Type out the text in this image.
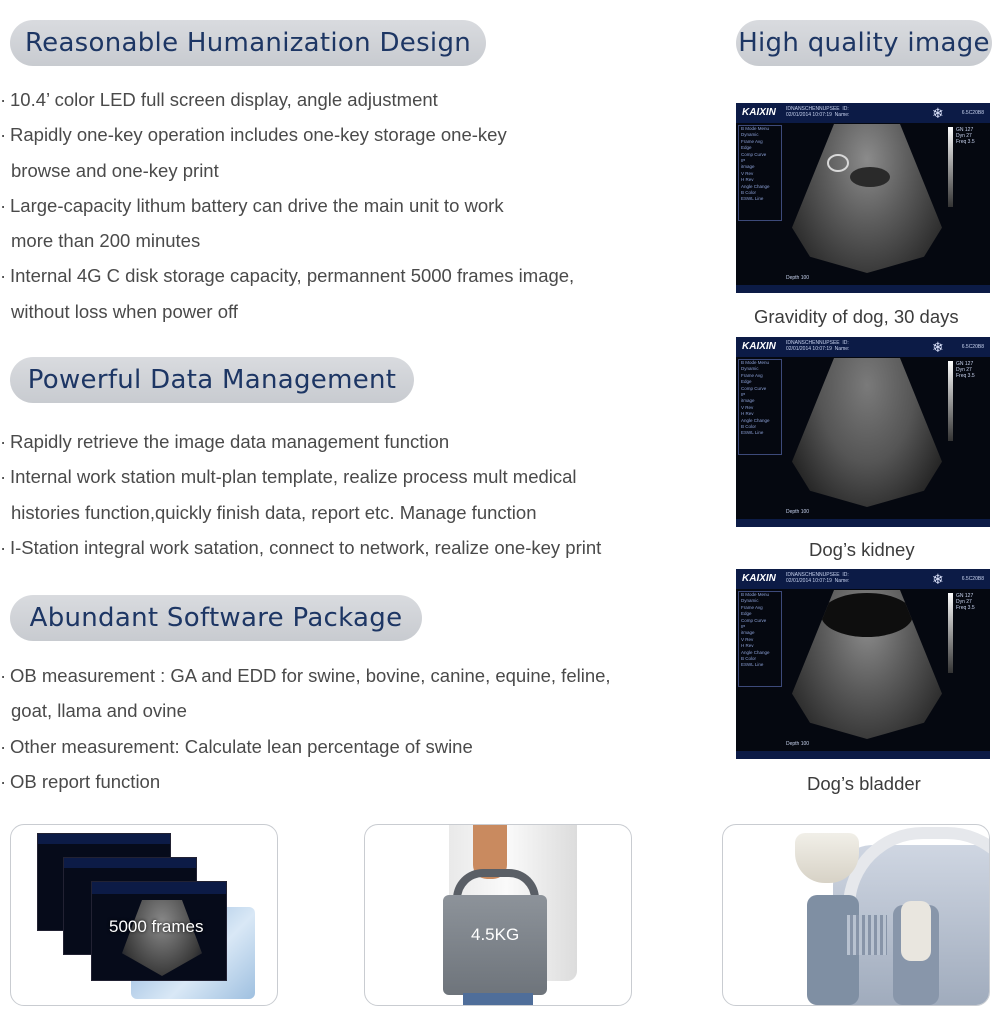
Reasonable Humanization Design
Powerful Data Management
Abundant Software Package
High quality image
· 10.4’ color LED full screen display, angle adjustment
· Rapidly one-key operation includes one-key storage one-key
browse and one-key print
· Large-capacity lithum battery can drive the main unit to work
more than 200 minutes
· Internal 4G C disk storage capacity, permannent 5000 frames image,
without loss when power off
· Rapidly retrieve the image data management function
· Internal work station mult-plan template, realize process mult medical
histories function,quickly finish data, report etc. Manage function
· I-Station integral work satation, connect to network, realize one-key print
· OB measurement : GA and EDD for swine, bovine, canine, equine, feline,
goat, llama and ovine
· Other measurement: Calculate lean percentage of swine
· OB report function
KAIXIN IDNANSCHENNUPSEE ID:
02/01/2014 10:07:19 Name:	❄	6.5C20B8
B Mode Menu
Dynamic
Frame Avg
Edge
Comp Curve
IP
iImage
V Rev
H Rev
Angle Change
B Color
ESWL Line
GN 127
Dyn 27
Freq 3.5
Depth 100
Gravidity of dog, 30 days
KAIXIN IDNANSCHENNUPSEE ID:
02/01/2014 10:07:19 Name:	❄	6.5C20B8
B Mode Menu
Dynamic
Frame Avg
Edge
Comp Curve
IP
iImage
V Rev
H Rev
Angle Change
B Color
ESWL Line
GN 127
Dyn 27
Freq 3.5
Depth 100
Dog’s kidney
KAIXIN IDNANSCHENNUPSEE ID:
02/01/2014 10:07:19 Name:	❄	6.5C20B8
B Mode Menu
Dynamic
Frame Avg
Edge
Comp Curve
IP
iImage
V Rev
H Rev
Angle Change
B Color
ESWL Line
GN 127
Dyn 27
Freq 3.5
Depth 100
Dog’s bladder
5000 frames	4.5KG
